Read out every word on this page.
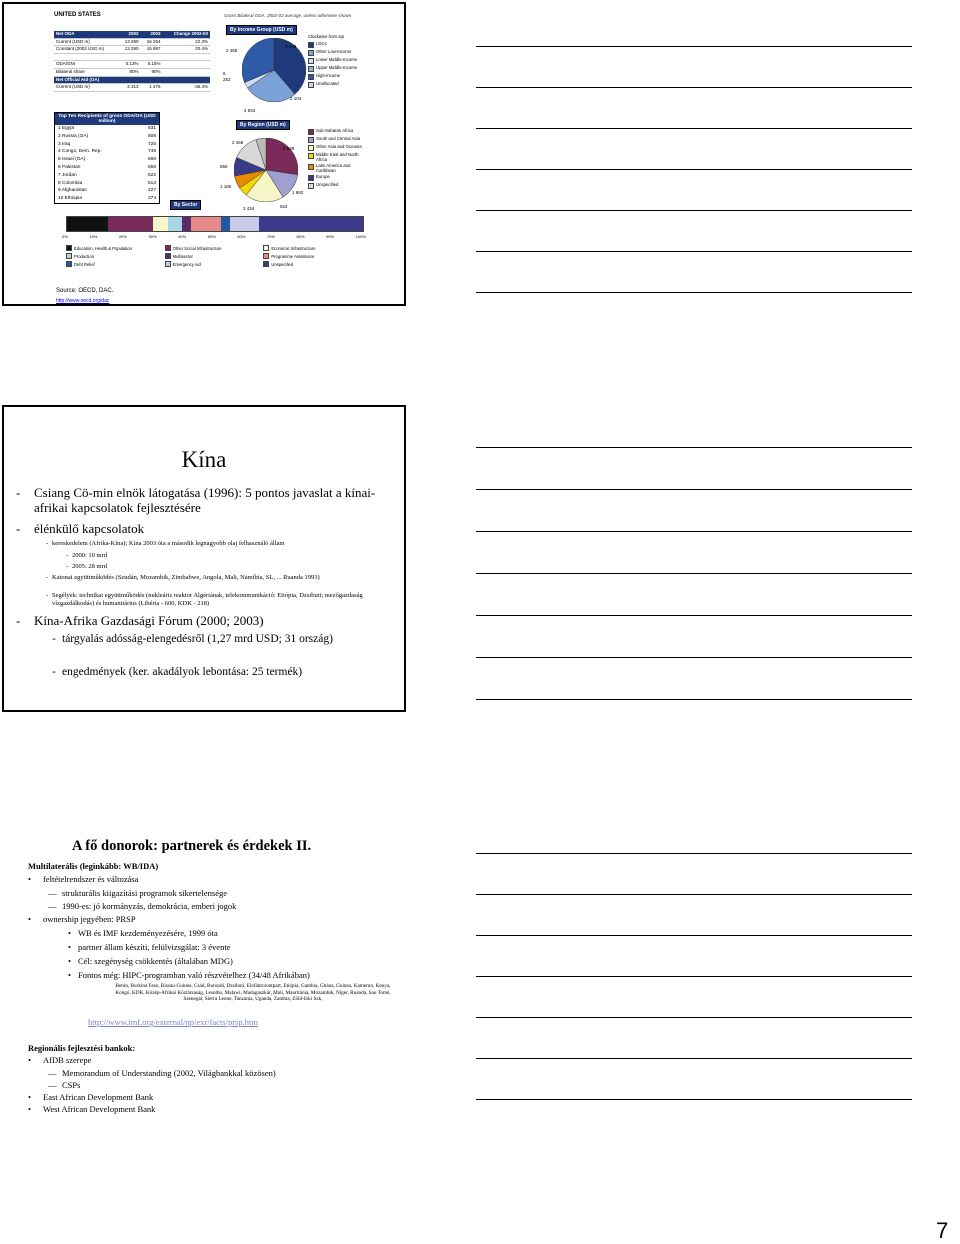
UNITED STATES	Gross Bilateral ODA, 2002-03 average, unless otherwise shown
Net ODA	2002	2003	Change 2002-03
Current (USD m)	13 290	16 254	22.3%
Constant (2002 USD m)	13 290	15 997	20.4%

ODA/GNI	0.13%	0.15%	
Bilateral share	80%	90%	
Net Official Aid (OA)			
Current (USD m)	2 313	1 476	-36.4%
Top Ten Recipients of gross ODA/OA (USD million)
1 Egypt	831
2 Russia (OA)	808
3 Iraq	725
4 Congo, Dem. Rep.	749
5 Israel (OA)	666
6 Pakistan	658
7 Jordan	622
8 Colombia	513
9 Afghanistan	427
10 Ethiopia	374
By Income Group (USD m)
2 458
3 039
6
252
2 104
Clockwise from top
LDCs
Other Low-Income
Lower Middle-Income
Upper Middle-Income
High-income
Unallocated
4 934
By Region (USD m)
2 469
3 538
856
1 180
1 692
2 434	922
Sub-Saharan Africa
South and Central Asia
Other Asia and Oceania
Middle East and North Africa
Latin America and Caribbean
Europe
Unspecified
By Sector
0%	10%	20%	30%	40%	50%	60%	70%	80%	90%	100%
Education, Health & Population	Other Social Infrastructure	Economic Infrastructure
Production	Multisector	Programme Assistance
Debt Relief	Emergency Aid	Unspecified
Source: OECD, DAC.
http://www.oecd.org/dac
Kína
- Csiang Cö-min elnök látogatása (1996): 5 pontos javaslat a kínai-afrikai kapcsolatok fejlesztésére
- élénkülő kapcsolatok
- kereskedelem (Afrika-Kína); Kína 2003 óta a második legnagyobb olaj felhasználó állam
- 2000: 10 mrd
- 2005: 28 mrd
- Katonai együttműködés (Szudán, Mozambik, Zimbabwe, Angola, Mali, Namíbia, SL, ... Ruanda 1993)
- Segélyek: technikai együttműködés (nukleáris reaktor Algériának, telekommunikáció: Etiópia, Dzsibuti; mezőgazdaság vízgazdálkodás) és humanitárius (Libéria - 600, KDK - 218)
- Kína-Afrika Gazdasági Fórum (2000; 2003)
- tárgyalás adósság-elengedésről (1,27 mrd USD; 31 ország)
- engedmények (ker. akadályok lebontása: 25 termék)
A fő donorok: partnerek és érdekek II.
Multilaterális (leginkább: WB/IDA)
• feltételrendszer és változása
— strukturális kiigazítási programok sikertelensége
— 1990-es: jó kormányzás, demokrácia, emberi jogok
• ownership jegyében: PRSP
• WB és IMF kezdeményezésére, 1999 óta
• partner állam készíti, felülvizsgálat: 3 évente
• Cél: szegénység csökkentés (általában MDG)
• Fontos még: HIPC-programban való részvételhez (34/48 Afrikában)
Benin, Burkina Faso, Bissau-Guinea, Csád, Burundi, Dzsibuti, Elefántcsontpart, Etiópia, Gambia, Ghána, Guinea, Kamerun, Kenya, Kongó, KDK, Közép-Afrikai Köztársaság, Lesotho, Malawi, Madagaszkár, Mali, Mauritánia, Mozambik, Niger, Ruanda, Sao Tomé, Szenegál, Sierra Leone, Tanzánia, Uganda, Zambia, Zöld-foki Szk,
http://www.imf.org/external/np/exr/facts/prsp.htm
Regionális fejlesztési bankok:
• AfDB szerepe
— Memorandum of Understanding (2002, Világbankkal közösen)
— CSPs
• East African Development Bank
• West African Development Bank
7
